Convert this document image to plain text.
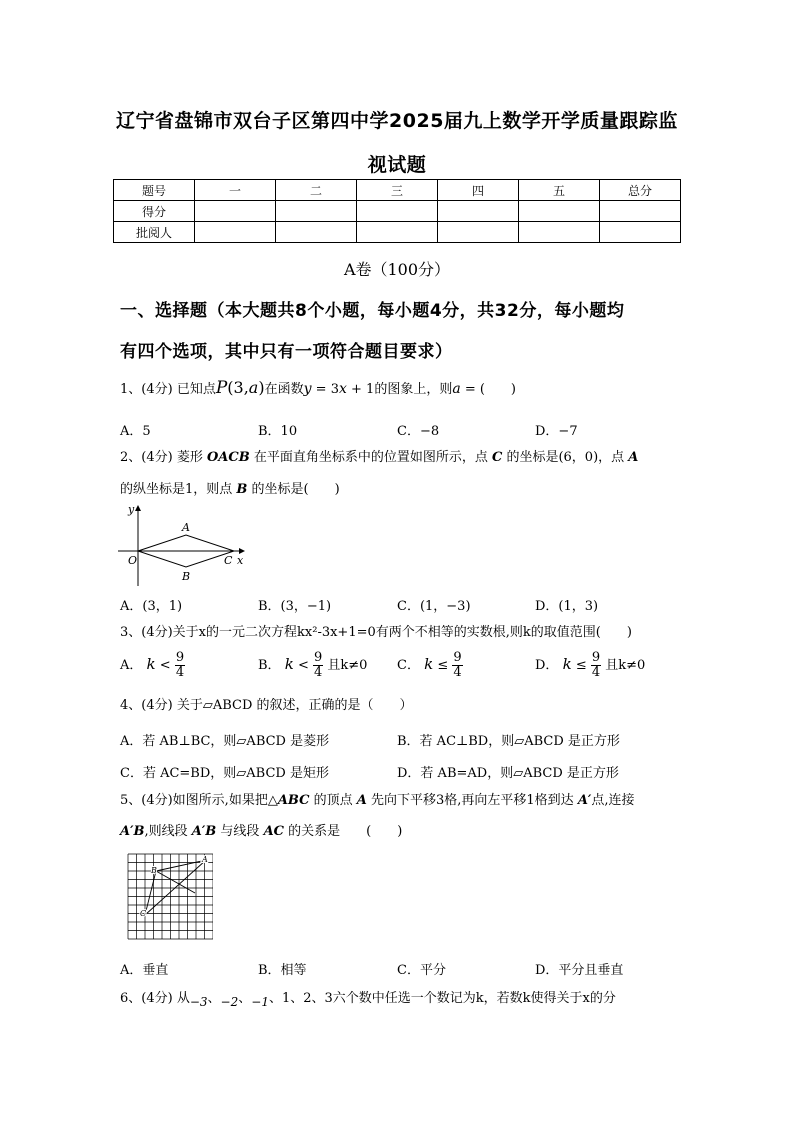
辽宁省盘锦市双台子区第四中学2025届九上数学开学质量跟踪监
视试题
题号	一	二	三	四	五	总分
得分						
批阅人						
A卷（100分）
一、选择题（本大题共8个小题，每小题4分，共32分，每小题均
有四个选项，其中只有一项符合题目要求）
1、(4分) 已知点P(3,a)在函数y = 3x + 1的图象上，则a = (　　)
A．5	B．10	C．−8	D．−7
2、(4分) 菱形 OACB 在平面直角坐标系中的位置如图所示，点 C 的坐标是(6，0)，点 A
的纵坐标是1，则点 B 的坐标是(　　)
y
A
O
B
C x
A．(3，1)	B．(3，−1)	C．(1，−3)	D．(1，3)
3、(4分)关于x的一元二次方程kx²-3x+1=0有两个不相等的实数根,则k的取值范围(　　)
A． $k < \frac{9}{4}$	B． $k < \frac{9}{4}$ 且k≠0 C． $k \le \frac{9}{4}$	D． $k \le \frac{9}{4}$ 且k≠0
4、(4分) 关于▱ABCD 的叙述，正确的是（　　）
A．若 AB⊥BC，则▱ABCD 是菱形	B．若 AC⊥BD，则▱ABCD 是正方形
C．若 AC=BD，则▱ABCD 是矩形	D．若 AB=AD，则▱ABCD 是正方形
5、(4分)如图所示,如果把△ABC 的顶点 A 先向下平移3格,再向左平移1格到达 A′点,连接
A′B,则线段 A′B 与线段 AC 的关系是　　(　　)
A
B
C
A．垂直	B．相等	C．平分	D．平分且垂直
6、(4分) 从−3、−2、−1、1、2、3六个数中任选一个数记为k，若数k使得关于x的分
